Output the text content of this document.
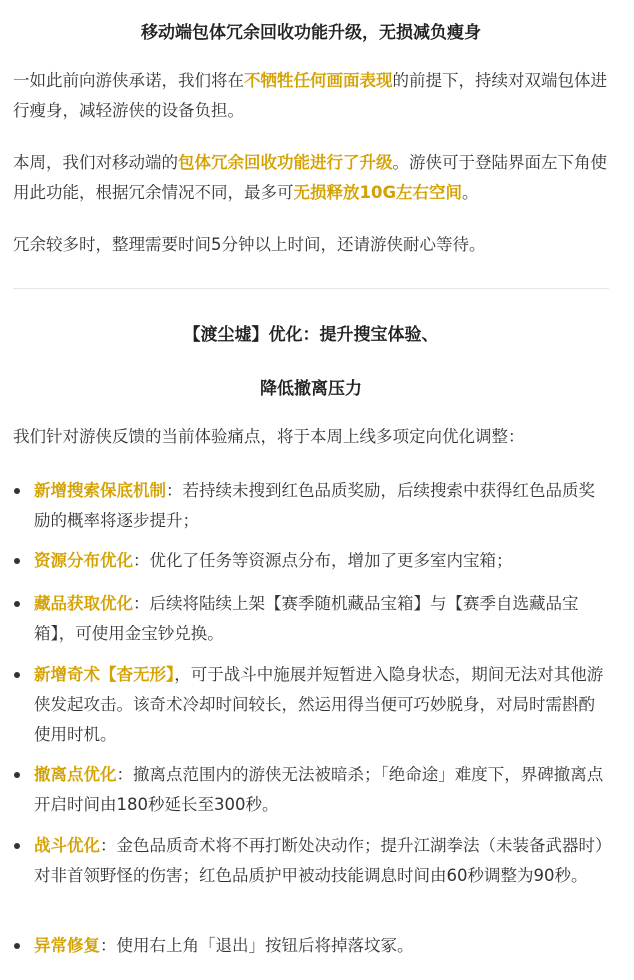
移动端包体冗余回收功能升级，无损减负瘦身

一如此前向游侠承诺，我们将在不牺牲任何画面表现的前提下，持续对双端包体进行瘦身，减轻游侠的设备负担。

本周，我们对移动端的包体冗余回收功能进行了升级。游侠可于登陆界面左下角使用此功能，根据冗余情况不同，最多可无损释放10G左右空间。

冗余较多时，整理需要时间5分钟以上时间，还请游侠耐心等待。

【渡尘墟】优化：提升搜宝体验、
降低撤离压力

我们针对游侠反馈的当前体验痛点，将于本周上线多项定向优化调整：

新增搜索保底机制：若持续未搜到红色品质奖励，后续搜索中获得红色品质奖励的概率将逐步提升；

资源分布优化：优化了任务等资源点分布，增加了更多室内宝箱；

藏品获取优化：后续将陆续上架【赛季随机藏品宝箱】与【赛季自选藏品宝箱】，可使用金宝钞兑换。

新增奇术【杳无形】，可于战斗中施展并短暂进入隐身状态，期间无法对其他游侠发起攻击。该奇术冷却时间较长，然运用得当便可巧妙脱身，对局时需斟酌使用时机。

撤离点优化：撤离点范围内的游侠无法被暗杀；「绝命途」难度下，界碑撤离点开启时间由180秒延长至300秒。

战斗优化：金色品质奇术将不再打断处决动作；提升江湖拳法（未装备武器时）对非首领野怪的伤害；红色品质护甲被动技能调息时间由60秒调整为90秒。

异常修复：使用右上角「退出」按钮后将掉落坟冢。
